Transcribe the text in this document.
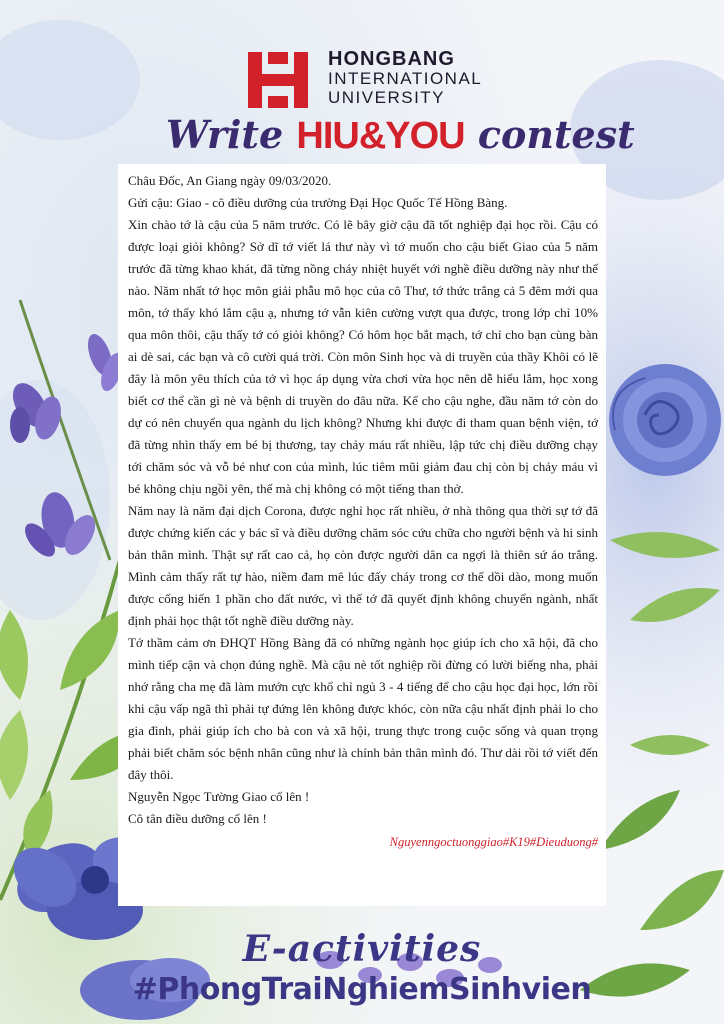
HONGBANG
INTERNATIONAL
UNIVERSITY
Write HIU&YOU contest

Châu Đốc, An Giang ngày 09/03/2020.

Gửi cậu: Giao - cô điều dưỡng của trường Đại Học Quốc Tế Hồng Bàng.

Xin chào tớ là cậu của 5 năm trước. Có lẽ bây giờ cậu đã tốt nghiệp đại học rồi. Cậu có được loại giỏi không? Sở dĩ tớ viết lá thư này vì tớ muốn cho cậu biết Giao của 5 năm trước đã từng khao khát, đã từng nồng cháy nhiệt huyết với nghề điều dưỡng này như thế nào. Năm nhất tớ học môn giải phẫu mô học của cô Thư, tớ thức trắng cả 5 đêm mới qua môn, tớ thấy khó lắm cậu ạ, nhưng tớ vẫn kiên cường vượt qua được, trong lớp chỉ 10% qua môn thôi, cậu thấy tớ có giỏi không? Có hôm học bắt mạch, tớ chỉ cho bạn cùng bàn ai dè sai, các bạn và cô cười quá trời. Còn môn Sinh học và di truyền của thầy Khôi có lẽ đây là môn yêu thích của tớ vì học áp dụng vừa chơi vừa học nên dễ hiểu lắm, học xong biết cơ thể cần gì nè và bệnh di truyền do đâu nữa. Kể cho cậu nghe, đầu năm tớ còn do dự có nên chuyển qua ngành du lịch không? Nhưng khi được đi tham quan bệnh viện, tớ đã từng nhìn thấy em bé bị thương, tay chảy máu rất nhiều, lập tức chị điều dưỡng chạy tới chăm sóc và vỗ bé như con của mình, lúc tiêm mũi giảm đau chị còn bị chảy máu vì bé không chịu ngồi yên, thế mà chị không có một tiếng than thở.

Năm nay là năm đại dịch Corona, được nghỉ học rất nhiều, ở nhà thông qua thời sự tớ đã được chứng kiến các y bác sĩ và điều dưỡng chăm sóc cứu chữa cho người bệnh và hi sinh bản thân mình. Thật sự rất cao cả, họ còn được người dân ca ngợi là thiên sứ áo trắng. Mình cảm thấy rất tự hào, niềm đam mê lúc đấy cháy trong cơ thể dồi dào, mong muốn được cống hiến 1 phần cho đất nước, vì thế tớ đã quyết định không chuyển ngành, nhất định phải học thật tốt nghề điều dưỡng này.

Tớ thầm cảm ơn ĐHQT Hồng Bàng đã có những ngành học giúp ích cho xã hội, đã cho mình tiếp cận và chọn đúng nghề. Mà cậu nè tốt nghiệp rồi đừng có lười biếng nha, phải nhớ rằng cha mẹ đã làm mướn cực khổ chỉ ngủ 3 - 4 tiếng để cho cậu học đại học, lớn rồi khi cậu vấp ngã thì phải tự đứng lên không được khóc, còn nữa cậu nhất định phải lo cho gia đình, phải giúp ích cho bà con và xã hội, trung thực trong cuộc sống và quan trọng phải biết chăm sóc bệnh nhân cũng như là chính bản thân mình đó. Thư dài rồi tớ viết đến đây thôi.

Nguyễn Ngọc Tường Giao cố lên !

Cô tân điều dưỡng cố lên !

Nguyenngoctuonggiao#K19#Dieuduong#

E-activities
#PhongTraiNghiemSinhvien
